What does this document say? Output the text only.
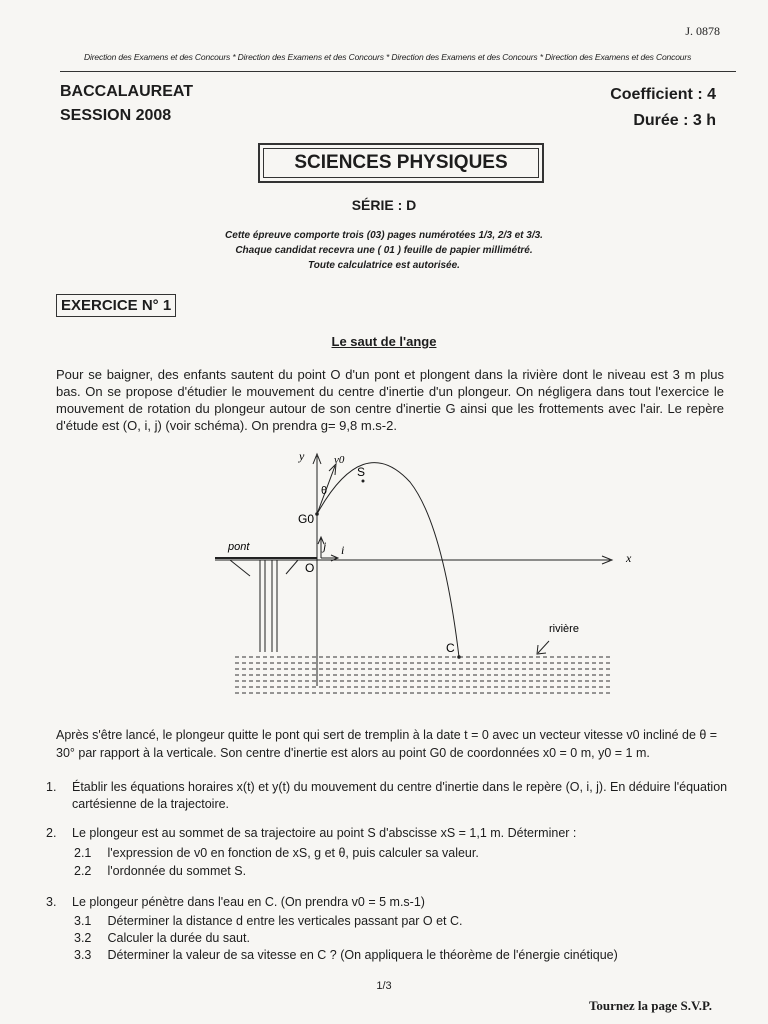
J. 0878
Direction des Examens et des Concours * Direction des Examens et des Concours * Direction des Examens et des Concours * Direction des Examens et des Concours
BACCALAUREAT
SESSION 2008
Coefficient : 4
Durée : 3 h
SCIENCES PHYSIQUES
SÉRIE : D
Cette épreuve comporte trois (03) pages numérotées 1/3, 2/3 et 3/3.
Chaque candidat recevra une ( 01 ) feuille de papier millimétré.
Toute calculatrice est autorisée.
EXERCICE N° 1
Le saut de l'ange
Pour se baigner, des enfants sautent du point O d'un pont et plongent dans la rivière dont le niveau est 3 m plus bas. On se propose d'étudier le mouvement du centre d'inertie d'un plongeur. On négligera dans tout l'exercice le mouvement de rotation du plongeur autour de son centre d'inertie G ainsi que les frottements avec l'air. Le repère d'étude est (O, i, j) (voir schéma). On prendra g= 9,8 m.s-2.
y	v0
S
θ
G0
pont	j i
O
x
C
rivière
Après s'être lancé, le plongeur quitte le pont qui sert de tremplin à la date t = 0 avec un vecteur vitesse v0 incliné de θ = 30° par rapport à la verticale. Son centre d'inertie est alors au point G0 de coordonnées x0 = 0 m, y0 = 1 m.
1.	Établir les équations horaires x(t) et y(t) du mouvement du centre d'inertie dans le repère (O, i, j). En déduire l'équation cartésienne de la trajectoire.
2.	Le plongeur est au sommet de sa trajectoire au point S d'abscisse xS = 1,1 m. Déterminer :
2.1 l'expression de v0 en fonction de xS, g et θ, puis calculer sa valeur.
2.2 l'ordonnée du sommet S.
3.	Le plongeur pénètre dans l'eau en C. (On prendra v0 = 5 m.s-1)
3.1 Déterminer la distance d entre les verticales passant par O et C.
3.2 Calculer la durée du saut.
3.3 Déterminer la valeur de sa vitesse en C ? (On appliquera le théorème de l'énergie cinétique)
1/3
Tournez la page S.V.P.
